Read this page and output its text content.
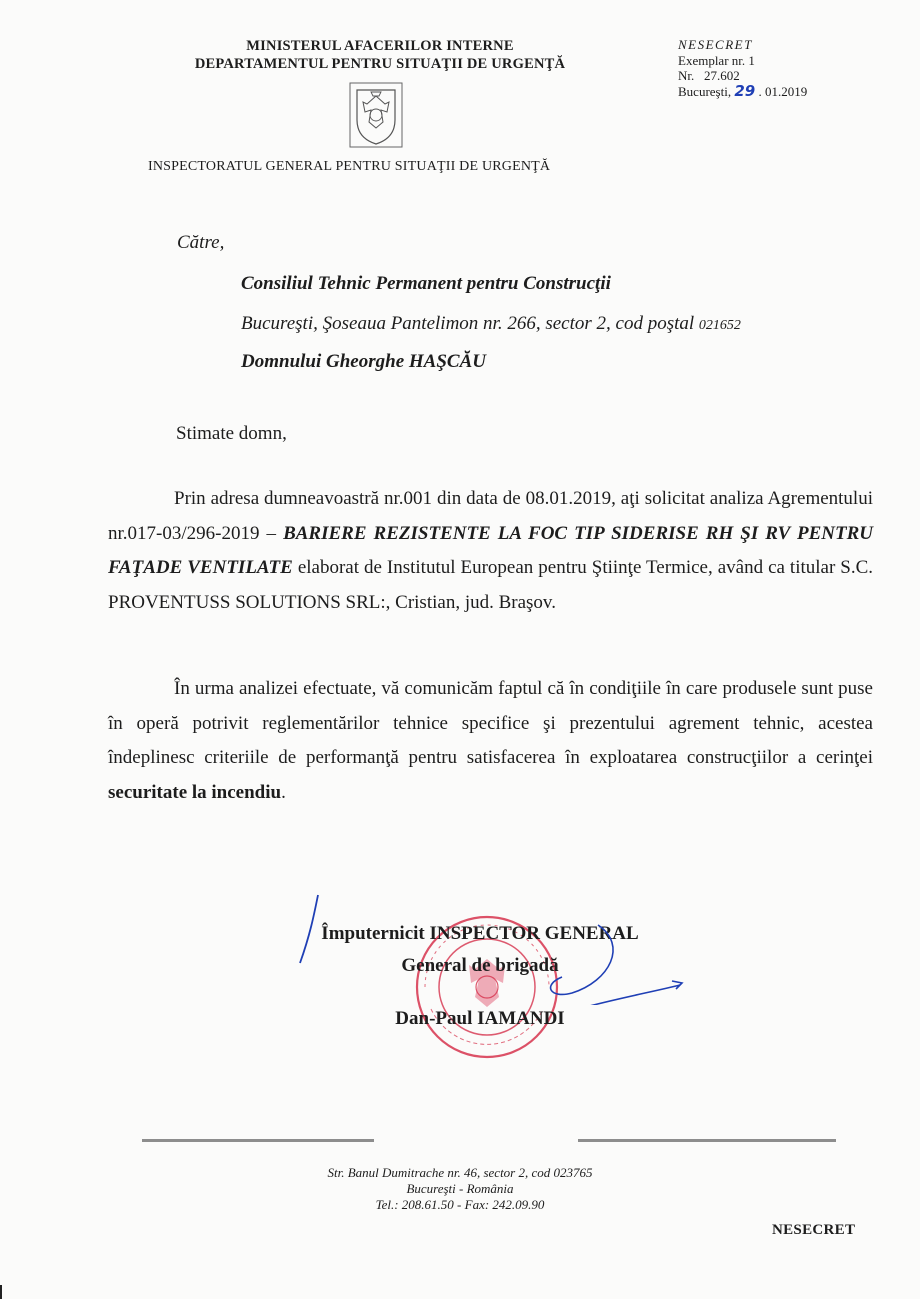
MINISTERUL AFACERILOR INTERNE
DEPARTAMENTUL PENTRU SITUAŢII DE URGENŢĂ
NESECRET
Exemplar nr. 1
Nr.   27.602
Bucureşti, 29 . 01.2019
INSPECTORATUL GENERAL PENTRU SITUAŢII DE URGENŢĂ
Către,
Consiliul Tehnic Permanent pentru Construcţii
Bucureşti, Şoseaua Pantelimon nr. 266, sector 2, cod poştal 021652
Domnului Gheorghe HAŞCĂU
Stimate domn,

Prin adresa dumneavoastră nr.001 din data de 08.01.2019, aţi solicitat analiza Agrementului nr.017-03/296-2019 – BARIERE REZISTENTE LA FOC TIP SIDERISE RH ŞI RV PENTRU FAŢADE VENTILATE elaborat de Institutul European pentru Ştiinţe Termice, având ca titular S.C. PROVENTUSS SOLUTIONS SRL:, Cristian, jud. Braşov.

În urma analizei efectuate, vă comunicăm faptul că în condiţiile în care produsele sunt puse în operă potrivit reglementărilor tehnice specifice şi prezentului agrement tehnic, acestea îndeplinesc criteriile de performanţă pentru satisfacerea în exploatarea construcţiilor a cerinţei securitate la incendiu.

Împuternicit INSPECTOR GENERAL
General de brigadă
Dan-Paul IAMANDI
Str. Banul Dumitrache nr. 46, sector 2, cod 023765
Bucureşti - România
Tel.: 208.61.50 - Fax: 242.09.90
NESECRET
